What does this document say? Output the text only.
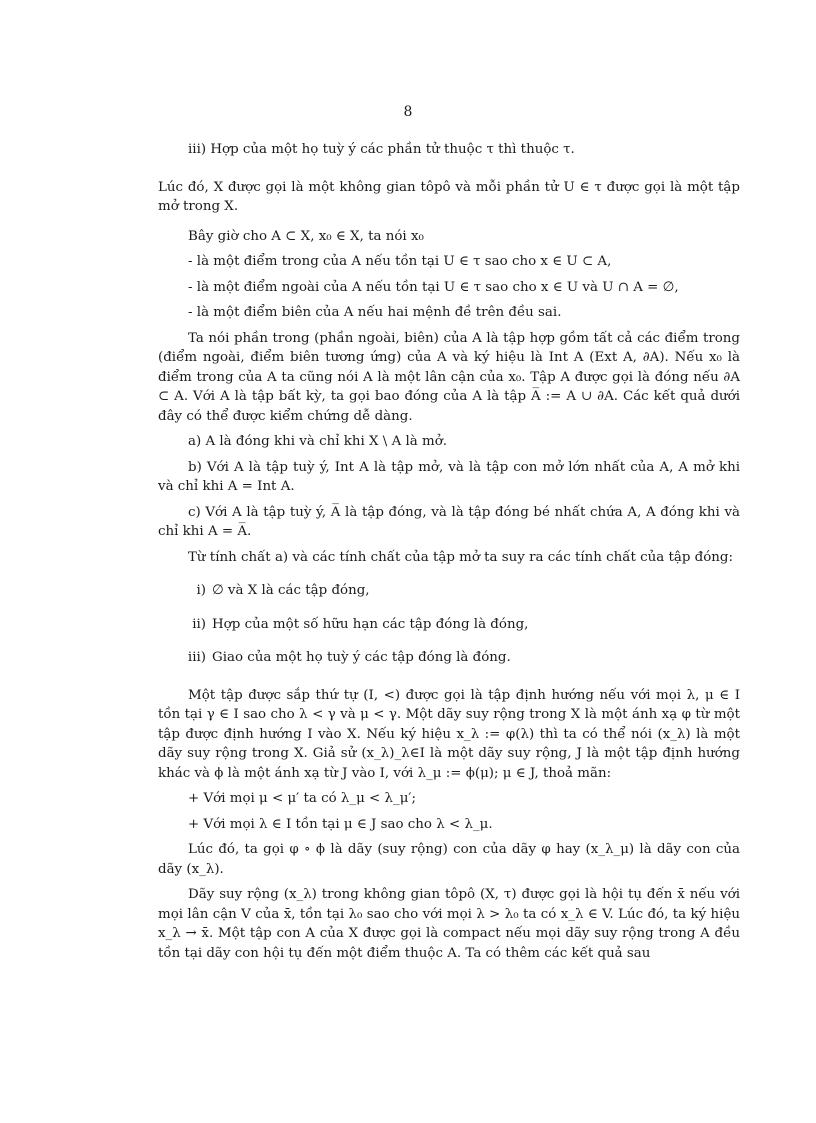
8

iii) Hợp của một họ tuỳ ý các phần tử thuộc τ thì thuộc τ.

Lúc đó, X được gọi là một không gian tôpô và mỗi phần tử U ∈ τ được gọi là một tập mở trong X.

Bây giờ cho A ⊂ X, x₀ ∈ X, ta nói x₀

- là một điểm trong của A nếu tồn tại U ∈ τ sao cho x ∈ U ⊂ A,

- là một điểm ngoài của A nếu tồn tại U ∈ τ sao cho x ∈ U và U ∩ A = ∅,

- là một điểm biên của A nếu hai mệnh đề trên đều sai.

Ta nói phần trong (phần ngoài, biên) của A là tập hợp gồm tất cả các điểm trong (điểm ngoài, điểm biên tương ứng) của A và ký hiệu là Int A (Ext A, ∂A). Nếu x₀ là điểm trong của A ta cũng nói A là một lân cận của x₀. Tập A được gọi là đóng nếu ∂A ⊂ A. Với A là tập bất kỳ, ta gọi bao đóng của A là tập A̅ := A ∪ ∂A. Các kết quả dưới đây có thể được kiểm chứng dễ dàng.

a) A là đóng khi và chỉ khi X \ A là mở.

b) Với A là tập tuỳ ý, Int A là tập mở, và là tập con mở lớn nhất của A, A mở khi và chỉ khi A = Int A.

c) Với A là tập tuỳ ý, A̅ là tập đóng, và là tập đóng bé nhất chứa A, A đóng khi và chỉ khi A = A̅.

Từ tính chất a) và các tính chất của tập mở ta suy ra các tính chất của tập đóng:

i) ∅ và X là các tập đóng,
ii) Hợp của một số hữu hạn các tập đóng là đóng,
iii) Giao của một họ tuỳ ý các tập đóng là đóng.

Một tập được sắp thứ tự (I, <) được gọi là tập định hướng nếu với mọi λ, μ ∈ I tồn tại γ ∈ I sao cho λ < γ và μ < γ. Một dãy suy rộng trong X là một ánh xạ φ từ một tập được định hướng I vào X. Nếu ký hiệu x_λ := φ(λ) thì ta có thể nói (x_λ) là một dãy suy rộng trong X. Giả sử (x_λ)_λ∈I là một dãy suy rộng, J là một tập định hướng khác và ϕ là một ánh xạ từ J vào I, với λ_μ := ϕ(μ); μ ∈ J, thoả mãn:

+ Với mọi μ < μ′ ta có λ_μ < λ_μ′;

+ Với mọi λ ∈ I tồn tại μ ∈ J sao cho λ < λ_μ.

Lúc đó, ta gọi φ ∘ ϕ là dãy (suy rộng) con của dãy φ hay (x_λ_μ) là dãy con của dãy (x_λ).

Dãy suy rộng (x_λ) trong không gian tôpô (X, τ) được gọi là hội tụ đến x̄ nếu với mọi lân cận V của x̄, tồn tại λ₀ sao cho với mọi λ > λ₀ ta có x_λ ∈ V. Lúc đó, ta ký hiệu x_λ → x̄. Một tập con A của X được gọi là compact nếu mọi dãy suy rộng trong A đều tồn tại dãy con hội tụ đến một điểm thuộc A. Ta có thêm các kết quả sau
